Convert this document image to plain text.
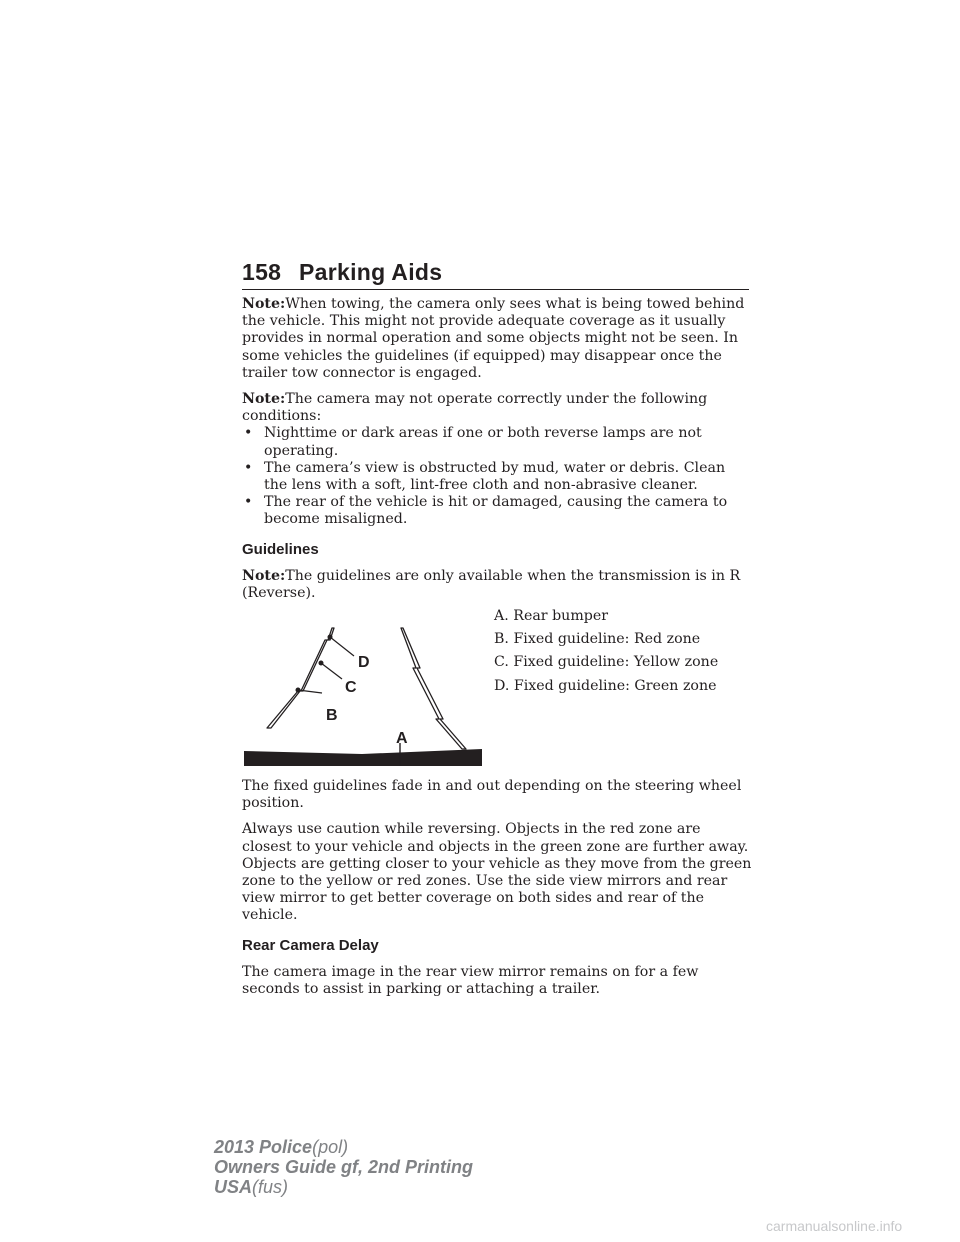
158 Parking Aids

Note:When towing, the camera only sees what is being towed behind the vehicle. This might not provide adequate coverage as it usually provides in normal operation and some objects might not be seen. In some vehicles the guidelines (if equipped) may disappear once the trailer tow connector is engaged.

Note:The camera may not operate correctly under the following conditions:

• Nighttime or dark areas if one or both reverse lamps are not operating.
• The camera’s view is obstructed by mud, water or debris. Clean the lens with a soft, lint-free cloth and non-abrasive cleaner.
• The rear of the vehicle is hit or damaged, causing the camera to become misaligned.
Guidelines

Note:The guidelines are only available when the transmission is in R (Reverse).

D
C
B
A
A. Rear bumper
B. Fixed guideline: Red zone
C. Fixed guideline: Yellow zone
D. Fixed guideline: Green zone

The fixed guidelines fade in and out depending on the steering wheel position.

Always use caution while reversing. Objects in the red zone are closest to your vehicle and objects in the green zone are further away. Objects are getting closer to your vehicle as they move from the green zone to the yellow or red zones. Use the side view mirrors and rear view mirror to get better coverage on both sides and rear of the vehicle.

Rear Camera Delay

The camera image in the rear view mirror remains on for a few seconds to assist in parking or attaching a trailer.

2013 Police(pol)
Owners Guide gf, 2nd Printing
USA(fus)
carmanualsonline.info
